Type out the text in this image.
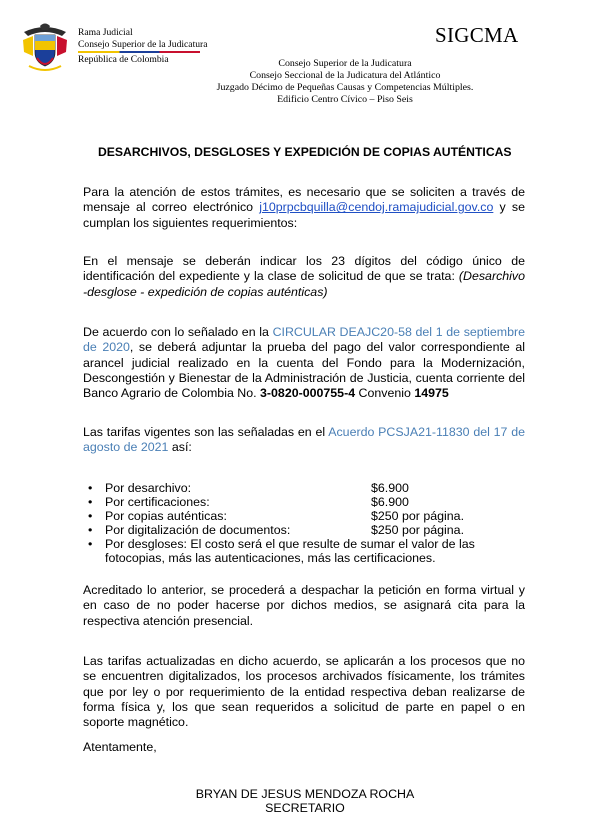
Rama Judicial
Consejo Superior de la Judicatura
República de Colombia
SIGCMA
Consejo Superior de la Judicatura
Consejo Seccional de la Judicatura del Atlántico
Juzgado Décimo de Pequeñas Causas y Competencias Múltiples.
Edificio Centro Cívico – Piso Seis
DESARCHIVOS, DESGLOSES Y EXPEDICIÓN DE COPIAS AUTÉNTICAS
Para la atención de estos trámites, es necesario que se soliciten a través de mensaje al correo electrónico j10prpcbquilla@cendoj.ramajudicial.gov.co y se cumplan los siguientes requerimientos:
En el mensaje se deberán indicar los 23 dígitos del código único de identificación del expediente y la clase de solicitud de que se trata: (Desarchivo -desglose - expedición de copias auténticas)
De acuerdo con lo señalado en la CIRCULAR DEAJC20-58 del 1 de septiembre de 2020, se deberá adjuntar la prueba del pago del valor correspondiente al arancel judicial realizado en la cuenta del Fondo para la Modernización, Descongestión y Bienestar de la Administración de Justicia, cuenta corriente del Banco Agrario de Colombia No. 3-0820-000755-4 Convenio 14975
Las tarifas vigentes son las señaladas en el Acuerdo PCSJA21-11830 del 17 de agosto de 2021 así:
• Por desarchivo:	$6.900
• Por certificaciones:	$6.900
• Por copias auténticas:	$250 por página.
• Por digitalización de documentos:	$250 por página.
• Por desgloses: El costo será el que resulte de sumar el valor de las fotocopias, más las autenticaciones, más las certificaciones.
Acreditado lo anterior, se procederá a despachar la petición en forma virtual y en caso de no poder hacerse por dichos medios, se asignará cita para la respectiva atención presencial.
Las tarifas actualizadas en dicho acuerdo, se aplicarán a los procesos que no se encuentren digitalizados, los procesos archivados físicamente, los trámites que por ley o por requerimiento de la entidad respectiva deban realizarse de forma física y, los que sean requeridos a solicitud de parte en papel o en soporte magnético.
Atentamente,
BRYAN DE JESUS MENDOZA ROCHA
SECRETARIO
